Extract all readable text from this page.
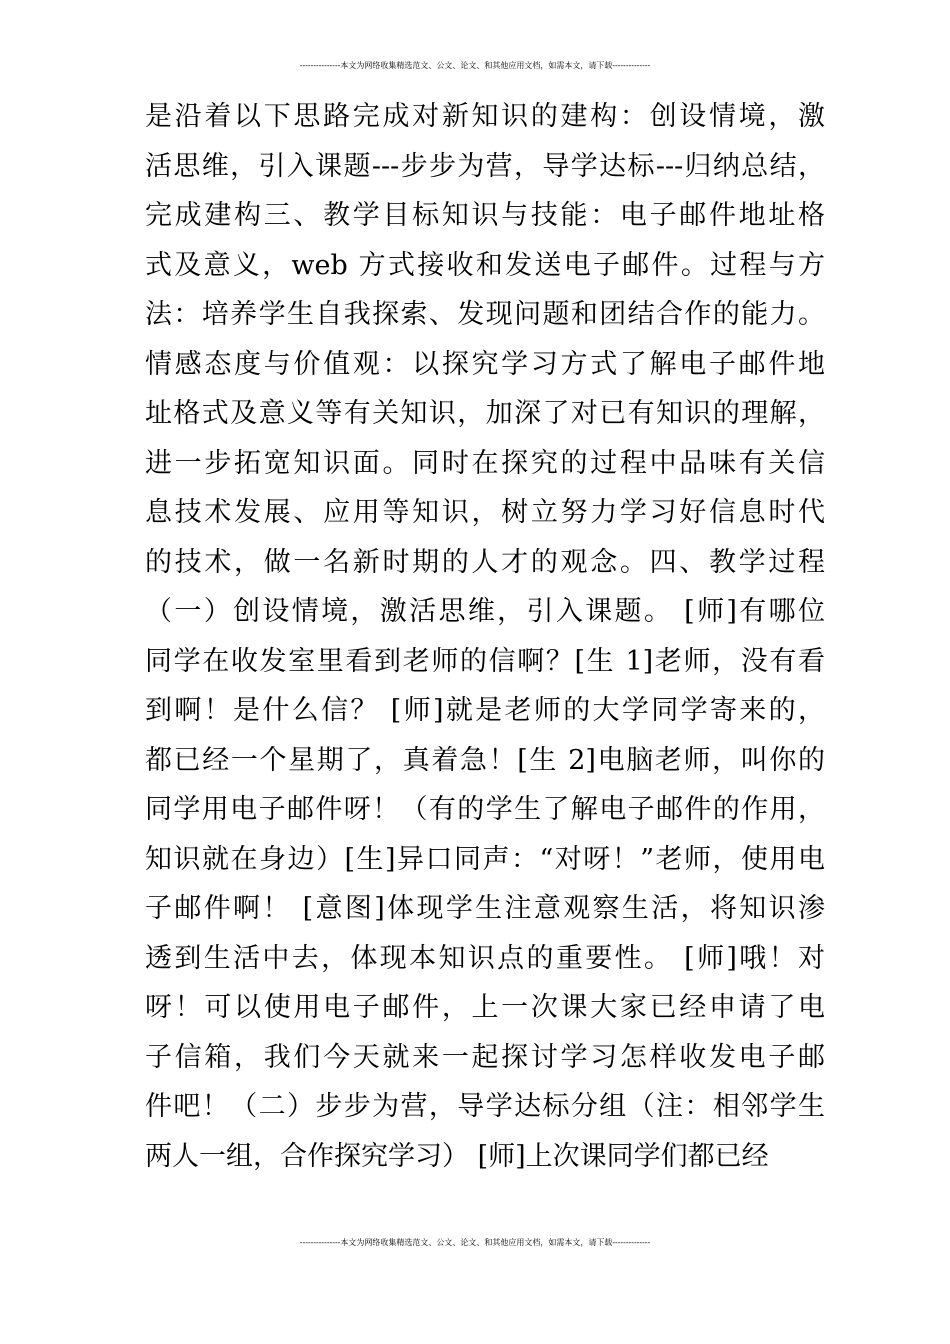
---------------本文为网络收集精选范文、公文、论文、和其他应用文档，如需本文，请下载--------------
是沿着以下思路完成对新知识的建构：创设情境，激
活思维，引入课题---步步为营，导学达标---归纳总结，
完成建构三、教学目标知识与技能：电子邮件地址格
式及意义，web 方式接收和发送电子邮件。过程与方
法：培养学生自我探索、发现问题和团结合作的能力。
情感态度与价值观：以探究学习方式了解电子邮件地
址格式及意义等有关知识，加深了对已有知识的理解，
进一步拓宽知识面。同时在探究的过程中品味有关信
息技术发展、应用等知识，树立努力学习好信息时代
的技术，做一名新时期的人才的观念。四、教学过程
（一）创设情境，激活思维，引入课题。 [师]有哪位
同学在收发室里看到老师的信啊？[生 1]老师，没有看
到啊！是什么信？ [师]就是老师的大学同学寄来的，
都已经一个星期了，真着急！[生 2]电脑老师，叫你的
同学用电子邮件呀！（有的学生了解电子邮件的作用，
知识就在身边）[生]异口同声：“对呀！”老师，使用电
子邮件啊！ [意图]体现学生注意观察生活，将知识渗
透到生活中去，体现本知识点的重要性。 [师]哦！对
呀！可以使用电子邮件，上一次课大家已经申请了电
子信箱，我们今天就来一起探讨学习怎样收发电子邮
件吧！（二）步步为营，导学达标分组（注：相邻学生
两人一组，合作探究学习） [师]上次课同学们都已经
---------------本文为网络收集精选范文、公文、论文、和其他应用文档，如需本文，请下载--------------
